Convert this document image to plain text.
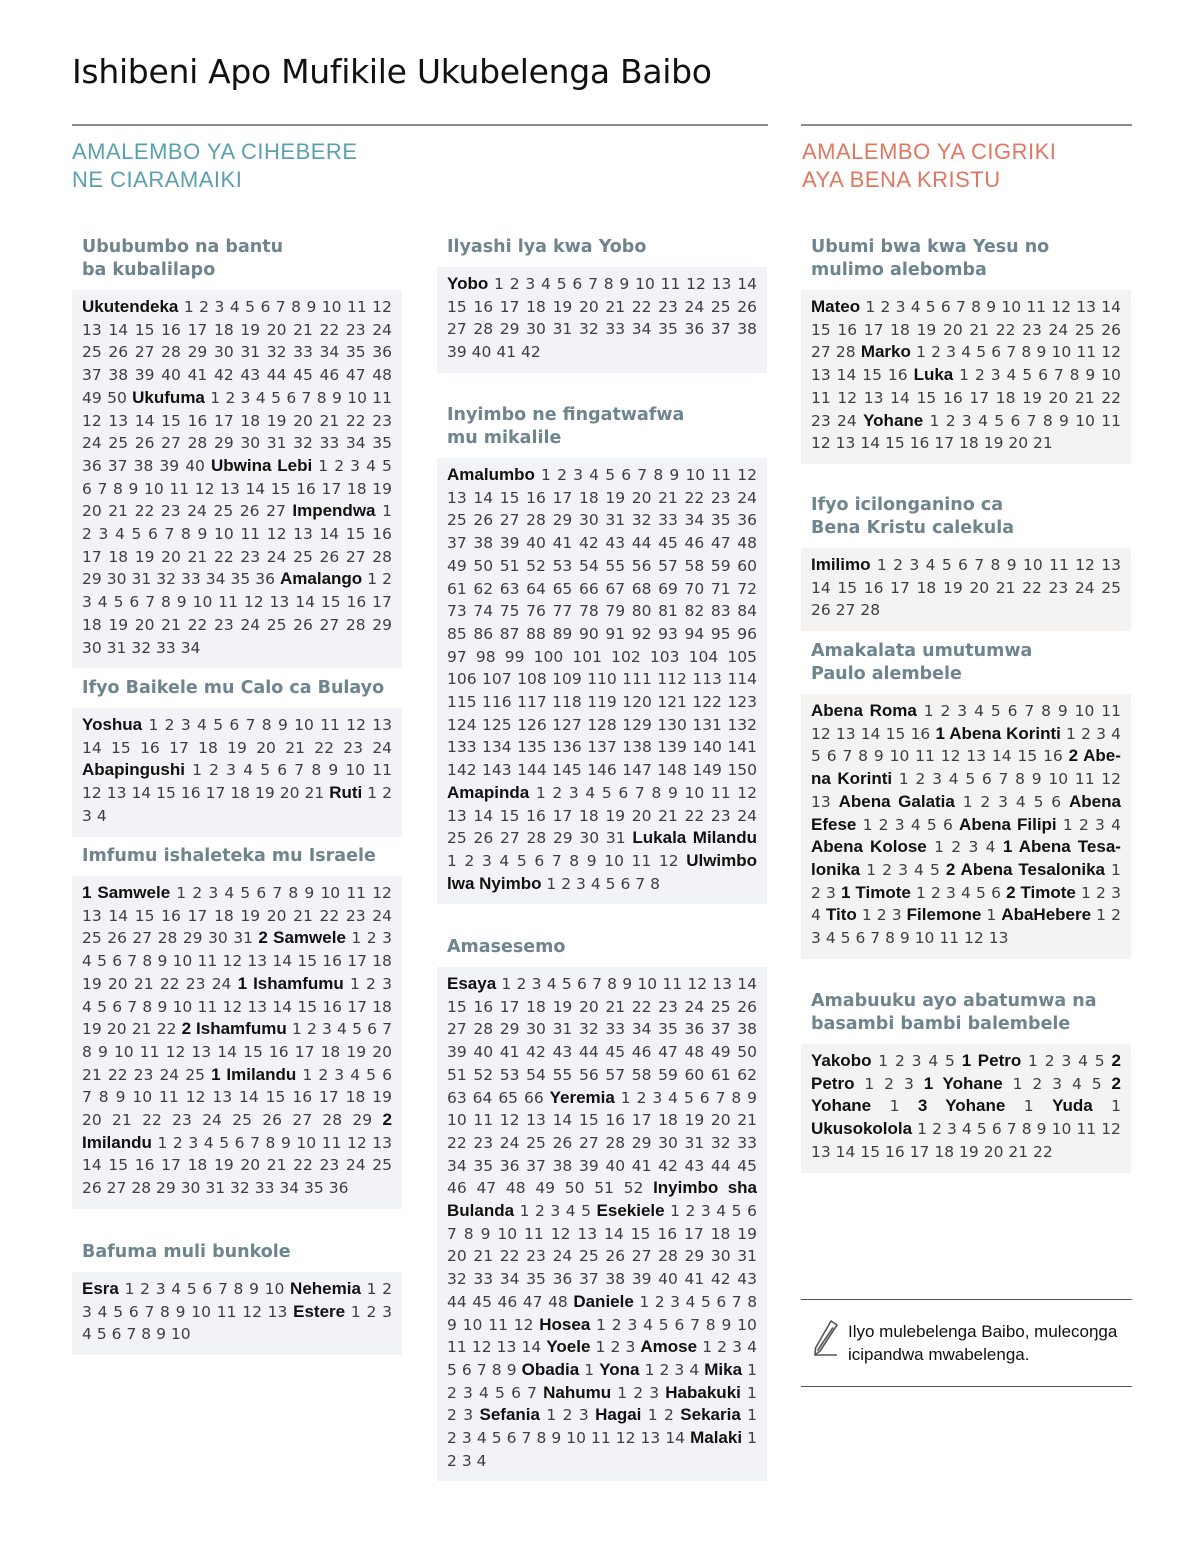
Ishibeni Apo Mufikile Ukubelenga Baibo
AMALEMBO YA CIHEBERE
NE CIARAMAIKI
AMALEMBO YA CIGRIKI
AYA BENA KRISTU
Ububumbo na bantu
ba kubalilapo
Ukutendeka 1 2 3 4 5 6 7 8 9 10 11 12 13 14 15 16 17 18 19 20 21 22 23 24 25 26 27 28 29 30 31 32 33 34 35 36 37 38 39 40 41 42 43 44 45 46 47 48 49 50 Ukufuma 1 2 3 4 5 6 7 8 9 10 11 12 13 14 15 16 17 18 19 20 21 22 23 24 25 26 27 28 29 30 31 32 33 34 35 36 37 38 39 40 Ubwina Lebi 1 2 3 4 5 6 7 8 9 10 11 12 13 14 15 16 17 18 19 20 21 22 23 24 25 26 27 Impendwa 1 2 3 4 5 6 7 8 9 10 11 12 13 14 15 16 17 18 19 20 21 22 23 24 25 26 27 28 29 30 31 32 33 34 35 36 Amalango 1 2 3 4 5 6 7 8 9 10 11 12 13 14 15 16 17 18 19 20 21 22 23 24 25 26 27 28 29 30 31 32 33 34
Ifyo Baikele mu Calo ca Bulayo
Yoshua 1 2 3 4 5 6 7 8 9 10 11 12 13 14 15 16 17 18 19 20 21 22 23 24 Abapingushi 1 2 3 4 5 6 7 8 9 10 11 12 13 14 15 16 17 18 19 20 21 Ruti 1 2 3 4
Imfumu ishaleteka mu Israele
1 Samwele 1 2 3 4 5 6 7 8 9 10 11 12 13 14 15 16 17 18 19 20 21 22 23 24 25 26 27 28 29 30 31 2 Samwele 1 2 3 4 5 6 7 8 9 10 11 12 13 14 15 16 17 18 19 20 21 22 23 24 1 Ishamfumu 1 2 3 4 5 6 7 8 9 10 11 12 13 14 15 16 17 18 19 20 21 22 2 Ishamfumu 1 2 3 4 5 6 7 8 9 10 11 12 13 14 15 16 17 18 19 20 21 22 23 24 25 1 Imilandu 1 2 3 4 5 6 7 8 9 10 11 12 13 14 15 16 17 18 19 20 21 22 23 24 25 26 27 28 29 2 Imilandu 1 2 3 4 5 6 7 8 9 10 11 12 13 14 15 16 17 18 19 20 21 22 23 24 25 26 27 28 29 30 31 32 33 34 35 36
Bafuma muli bunkole
Esra 1 2 3 4 5 6 7 8 9 10 Nehemia 1 2 3 4 5 6 7 8 9 10 11 12 13 Estere 1 2 3 4 5 6 7 8 9 10
Ilyashi lya kwa Yobo
Yobo 1 2 3 4 5 6 7 8 9 10 11 12 13 14 15 16 17 18 19 20 21 22 23 24 25 26 27 28 29 30 31 32 33 34 35 36 37 38 39 40 41 42
Inyimbo ne fingatwafwa
mu mikalile
Amalumbo 1 2 3 4 5 6 7 8 9 10 11 12 13 14 15 16 17 18 19 20 21 22 23 24 25 26 27 28 29 30 31 32 33 34 35 36 37 38 39 40 41 42 43 44 45 46 47 48 49 50 51 52 53 54 55 56 57 58 59 60 61 62 63 64 65 66 67 68 69 70 71 72 73 74 75 76 77 78 79 80 81 82 83 84 85 86 87 88 89 90 91 92 93 94 95 96 97 98 99 100 101 102 103 104 105 106 107 108 109 110 111 112 113 114 115 116 117 118 119 120 121 122 123 124 125 126 127 128 129 130 131 132 133 134 135 136 137 138 139 140 141 142 143 144 145 146 147 148 149 150 Amapinda 1 2 3 4 5 6 7 8 9 10 11 12 13 14 15 16 17 18 19 20 21 22 23 24 25 26 27 28 29 30 31 Lukala Milandu 1 2 3 4 5 6 7 8 9 10 11 12 Ulwimbo lwa Nyimbo 1 2 3 4 5 6 7 8
Amasesemo
Esaya 1 2 3 4 5 6 7 8 9 10 11 12 13 14 15 16 17 18 19 20 21 22 23 24 25 26 27 28 29 30 31 32 33 34 35 36 37 38 39 40 41 42 43 44 45 46 47 48 49 50 51 52 53 54 55 56 57 58 59 60 61 62 63 64 65 66 Yeremia 1 2 3 4 5 6 7 8 9 10 11 12 13 14 15 16 17 18 19 20 21 22 23 24 25 26 27 28 29 30 31 32 33 34 35 36 37 38 39 40 41 42 43 44 45 46 47 48 49 50 51 52 Inyimbo sha Bulanda 1 2 3 4 5 Esekiele 1 2 3 4 5 6 7 8 9 10 11 12 13 14 15 16 17 18 19 20 21 22 23 24 25 26 27 28 29 30 31 32 33 34 35 36 37 38 39 40 41 42 43 44 45 46 47 48 Daniele 1 2 3 4 5 6 7 8 9 10 11 12 Hosea 1 2 3 4 5 6 7 8 9 10 11 12 13 14 Yoele 1 2 3 Amose 1 2 3 4 5 6 7 8 9 Obadia 1 Yona 1 2 3 4 Mika 1 2 3 4 5 6 7 Nahumu 1 2 3 Habakuki 1 2 3 Sefania 1 2 3 Hagai 1 2 Sekaria 1 2 3 4 5 6 7 8 9 10 11 12 13 14 Malaki 1 2 3 4
Ubumi bwa kwa Yesu no
mulimo alebomba
Mateo 1 2 3 4 5 6 7 8 9 10 11 12 13 14 15 16 17 18 19 20 21 22 23 24 25 26 27 28 Marko 1 2 3 4 5 6 7 8 9 10 11 12 13 14 15 16 Luka 1 2 3 4 5 6 7 8 9 10 11 12 13 14 15 16 17 18 19 20 21 22 23 24 Yohane 1 2 3 4 5 6 7 8 9 10 11 12 13 14 15 16 17 18 19 20 21
Ifyo icilonganino ca
Bena Kristu calekula
Imilimo 1 2 3 4 5 6 7 8 9 10 11 12 13 14 15 16 17 18 19 20 21 22 23 24 25 26 27 28
Amakalata umutumwa
Paulo alembele
Abena Roma 1 2 3 4 5 6 7 8 9 10 11 12 13 14 15 16 1 Abena Korinti 1 2 3 4 5 6 7 8 9 10 11 12 13 14 15 16 2 Abena Korinti 1 2 3 4 5 6 7 8 9 10 11 12 13 Abena Galatia 1 2 3 4 5 6 Abena Efese 1 2 3 4 5 6 Abena Filipi 1 2 3 4 Abena Kolose 1 2 3 4 1 Abena Tesalonika 1 2 3 4 5 2 Abena Tesalonika 1 2 3 1 Timote 1 2 3 4 5 6 2 Timote 1 2 3 4 Tito 1 2 3 Filemone 1 AbaHebere 1 2 3 4 5 6 7 8 9 10 11 12 13
Amabuuku ayo abatumwa na
basambi bambi balembele
Yakobo 1 2 3 4 5 1 Petro 1 2 3 4 5 2 Petro 1 2 3 1 Yohane 1 2 3 4 5 2 Yohane 1 3 Yohane 1 Yuda 1 Ukusokolola 1 2 3 4 5 6 7 8 9 10 11 12 13 14 15 16 17 18 19 20 21 22
Ilyo mulebelenga Baibo, mulecoŋga icipandwa mwabelenga.
